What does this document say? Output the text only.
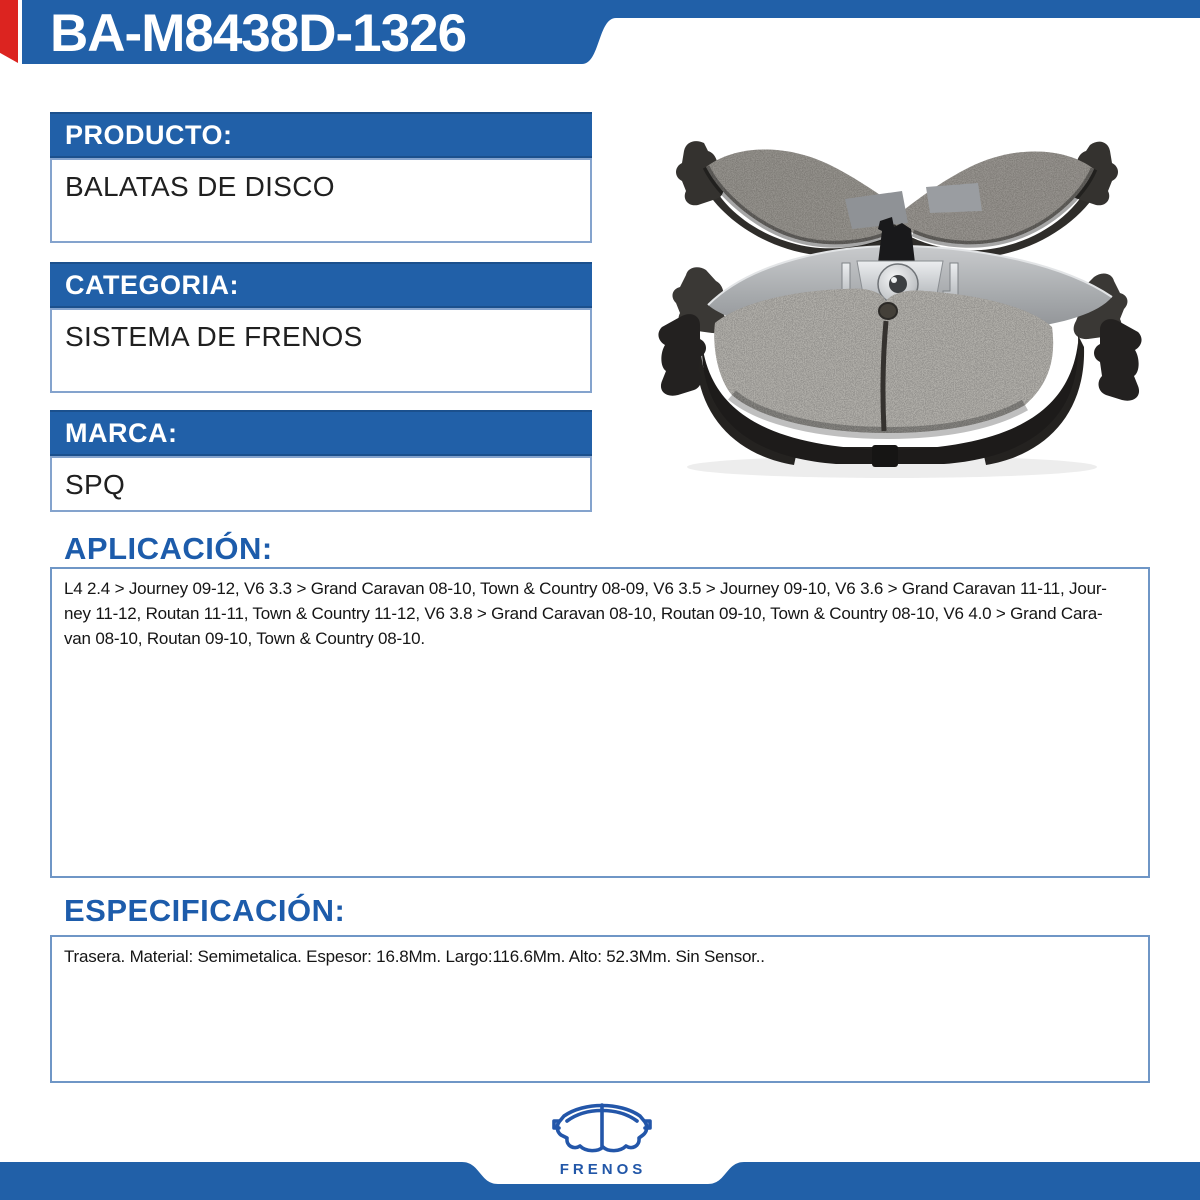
BA-M8438D-1326
PRODUCTO:
BALATAS DE DISCO
CATEGORIA:
SISTEMA DE FRENOS
MARCA:
SPQ
APLICACIÓN:
L4 2.4 > Journey 09-12, V6 3.3 > Grand Caravan 08-10, Town & Country 08-09, V6 3.5 > Journey 09-10, V6 3.6 > Grand Caravan 11-11, Jour-
ney 11-12, Routan 11-11, Town & Country 11-12, V6 3.8 > Grand Caravan 08-10, Routan 09-10, Town & Country 08-10, V6 4.0 > Grand Cara-
van 08-10, Routan 09-10, Town & Country 08-10.
ESPECIFICACIÓN:
Trasera. Material: Semimetalica. Espesor: 16.8Mm. Largo:116.6Mm. Alto: 52.3Mm. Sin Sensor..
FRENOS
